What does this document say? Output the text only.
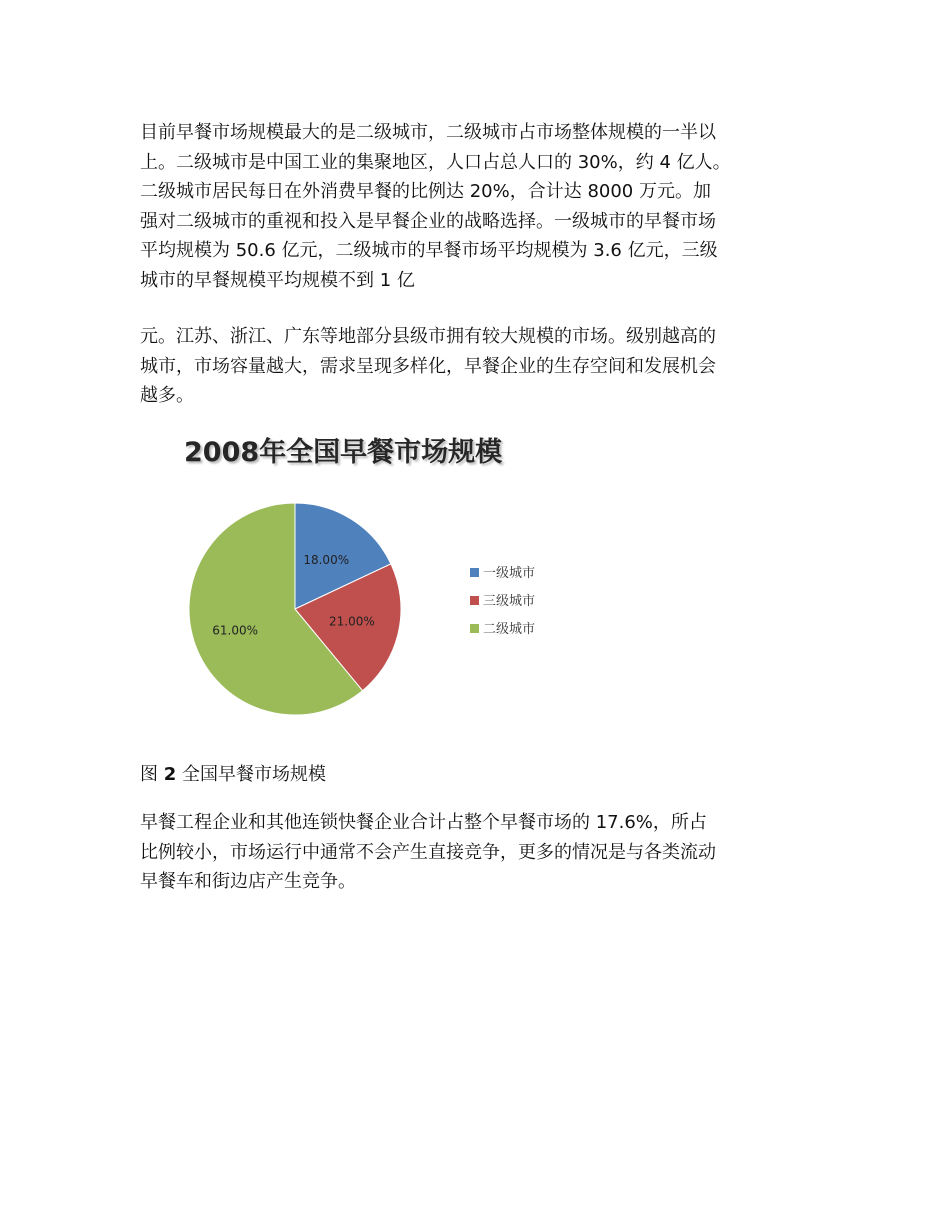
目前早餐市场规模最大的是二级城市，二级城市占市场整体规模的一半以
上。二级城市是中国工业的集聚地区，人口占总人口的 30%，约 4 亿人。
二级城市居民每日在外消费早餐的比例达 20%，合计达 8000 万元。加
强对二级城市的重视和投入是早餐企业的战略选择。一级城市的早餐市场
平均规模为 50.6 亿元，二级城市的早餐市场平均规模为 3.6 亿元，三级
城市的早餐规模平均规模不到 1 亿
元。江苏、浙江、广东等地部分县级市拥有较大规模的市场。级别越高的
城市，市场容量越大，需求呈现多样化，早餐企业的生存空间和发展机会
越多。
2008年全国早餐市场规模
18.00%
21.00%
61.00%
一级城市
三级城市
二级城市
图 2 全国早餐市场规模
早餐工程企业和其他连锁快餐企业合计占整个早餐市场的 17.6%，所占
比例较小，市场运行中通常不会产生直接竞争，更多的情况是与各类流动
早餐车和街边店产生竞争。
